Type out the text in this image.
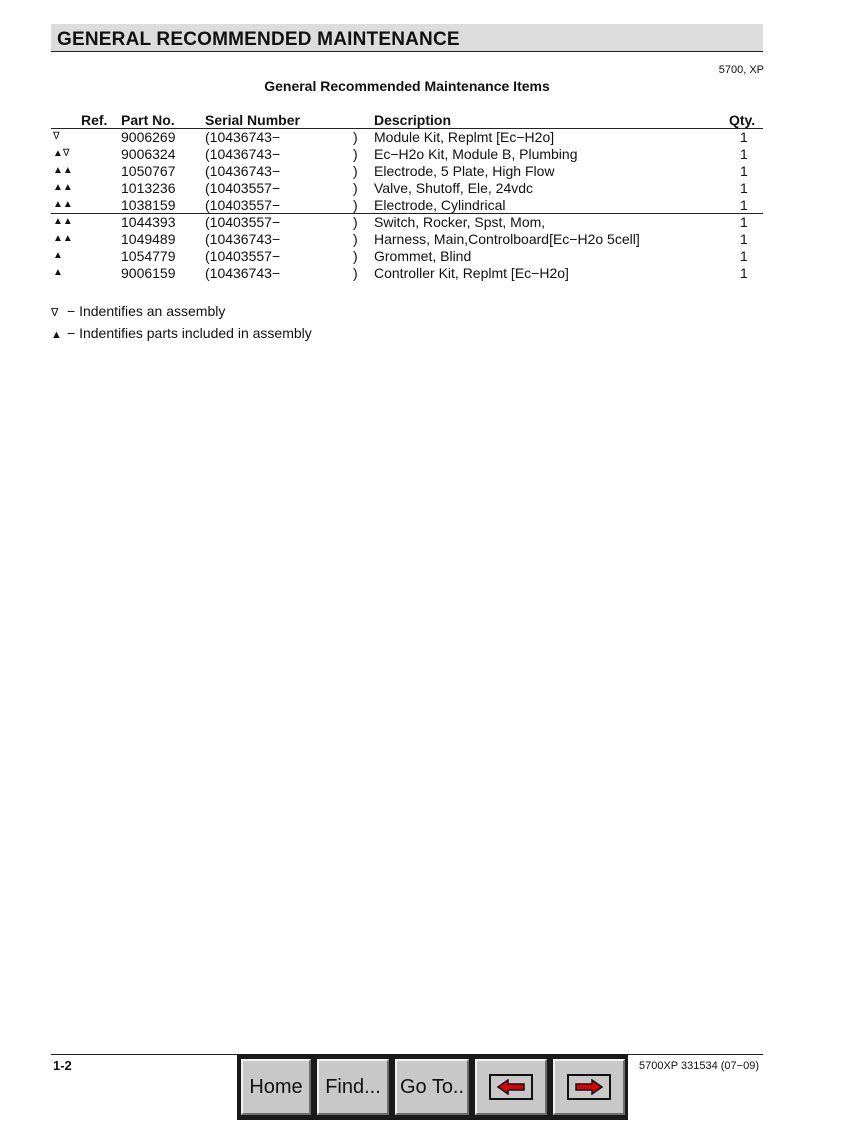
GENERAL RECOMMENDED MAINTENANCE
5700, XP
General Recommended Maintenance Items
Ref. Part No. Serial Number	Description	Qty.
∇	9006269 (10436743−	) Module Kit, Replmt [Ec−H2o]	1
▲∇	9006324 (10436743−	) Ec−H2o Kit, Module B, Plumbing	1
▲▲	1050767 (10436743−	) Electrode, 5 Plate, High Flow	1
▲▲	1013236 (10403557−	) Valve, Shutoff, Ele, 24vdc	1
▲▲	1038159 (10403557−	) Electrode, Cylindrical	1
▲▲	1044393 (10403557−	) Switch, Rocker, Spst, Mom,	1
▲▲	1049489 (10436743−	) Harness, Main,Controlboard[Ec−H2o 5cell]	1
▲	1054779 (10403557−	) Grommet, Blind	1
▲	9006159 (10436743−	) Controller Kit, Replmt [Ec−H2o]	1
∇ − Indentifies an assembly
▲ − Indentifies parts included in assembly
1-2	5700XP 331534 (07−09)
Home	Find... Go To..
